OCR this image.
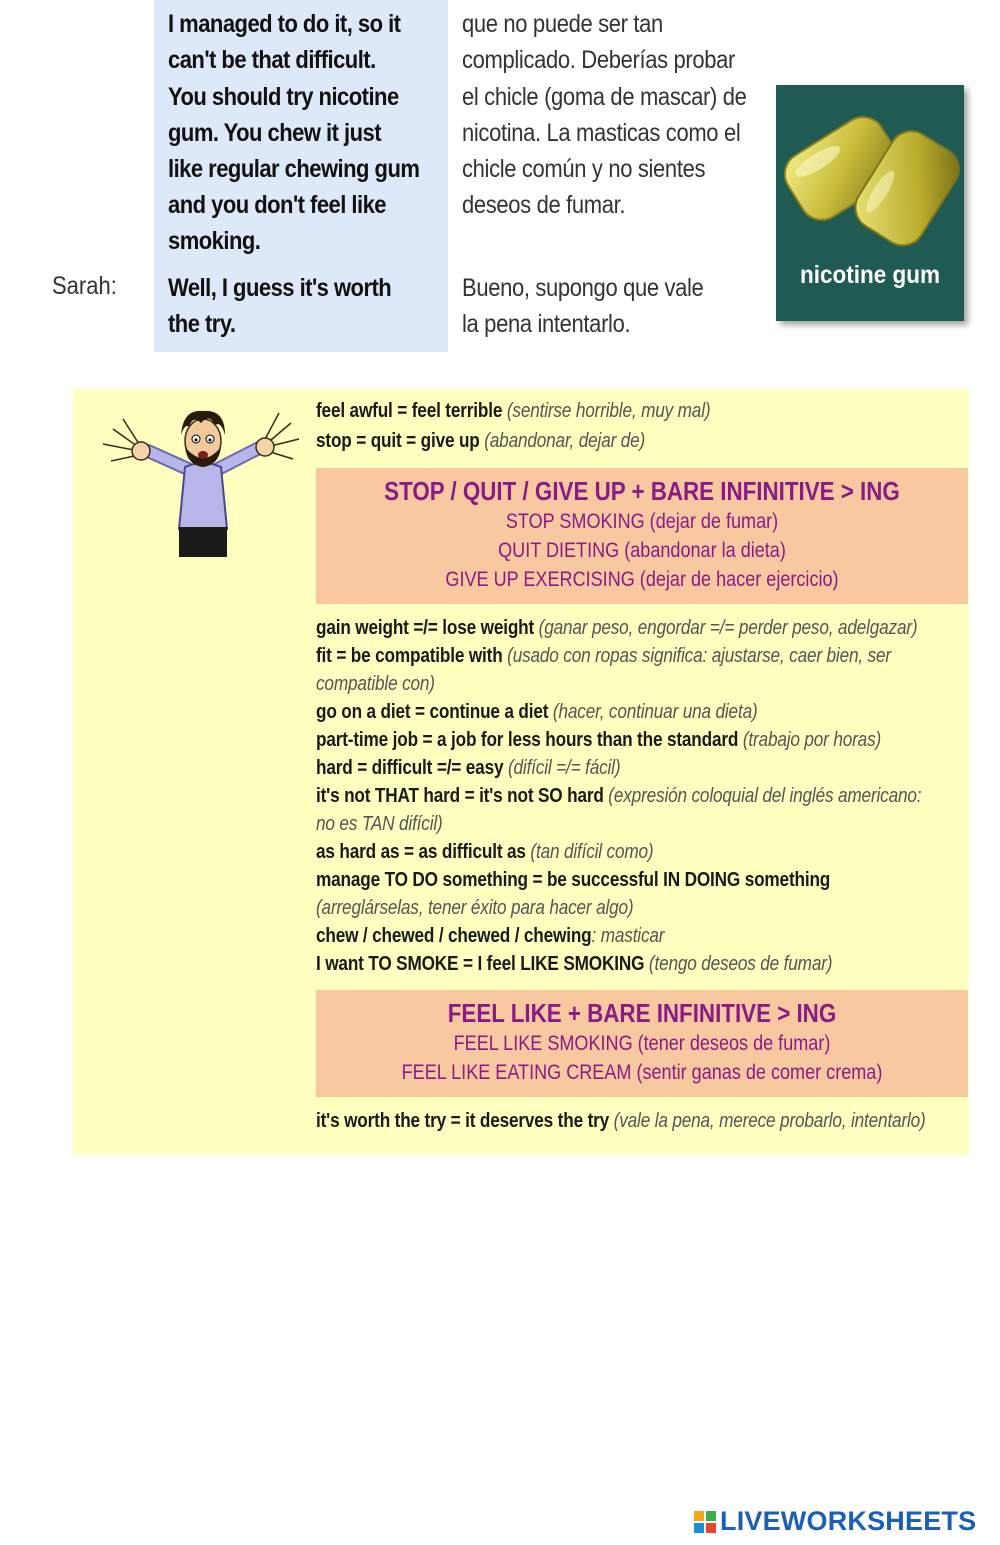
I managed to do it, so it
can't be that difficult.
You should try nicotine
gum. You chew it just
like regular chewing gum
and you don't feel like
smoking.
Sarah: Well, I guess it's worth
the try.
que no puede ser tan
complicado. Deberías probar
el chicle (goma de mascar) de
nicotina. La masticas como el
chicle común y no sientes
deseos de fumar.
Bueno, supongo que vale
la pena intentarlo.
nicotine gum
feel awful = feel terrible (sentirse horrible, muy mal)
stop = quit = give up (abandonar, dejar de)
STOP / QUIT / GIVE UP + BARE INFINITIVE > ING
STOP SMOKING (dejar de fumar)
QUIT DIETING (abandonar la dieta)
GIVE UP EXERCISING (dejar de hacer ejercicio)
gain weight =/= lose weight (ganar peso, engordar =/= perder peso, adelgazar)
fit = be compatible with (usado con ropas significa: ajustarse, caer bien, ser
compatible con)
go on a diet = continue a diet (hacer, continuar una dieta)
part-time job = a job for less hours than the standard (trabajo por horas)
hard = difficult =/= easy (difícil =/= fácil)
it's not THAT hard = it's not SO hard (expresión coloquial del inglés americano:
no es TAN difícil)
as hard as = as difficult as (tan difícil como)
manage TO DO something = be successful IN DOING something
(arreglárselas, tener éxito para hacer algo)
chew / chewed / chewed / chewing: masticar
I want TO SMOKE = I feel LIKE SMOKING (tengo deseos de fumar)
FEEL LIKE + BARE INFINITIVE > ING
FEEL LIKE SMOKING (tener deseos de fumar)
FEEL LIKE EATING CREAM (sentir ganas de comer crema)
it's worth the try = it deserves the try (vale la pena, merece probarlo, intentarlo)
LIVEWORKSHEETS
